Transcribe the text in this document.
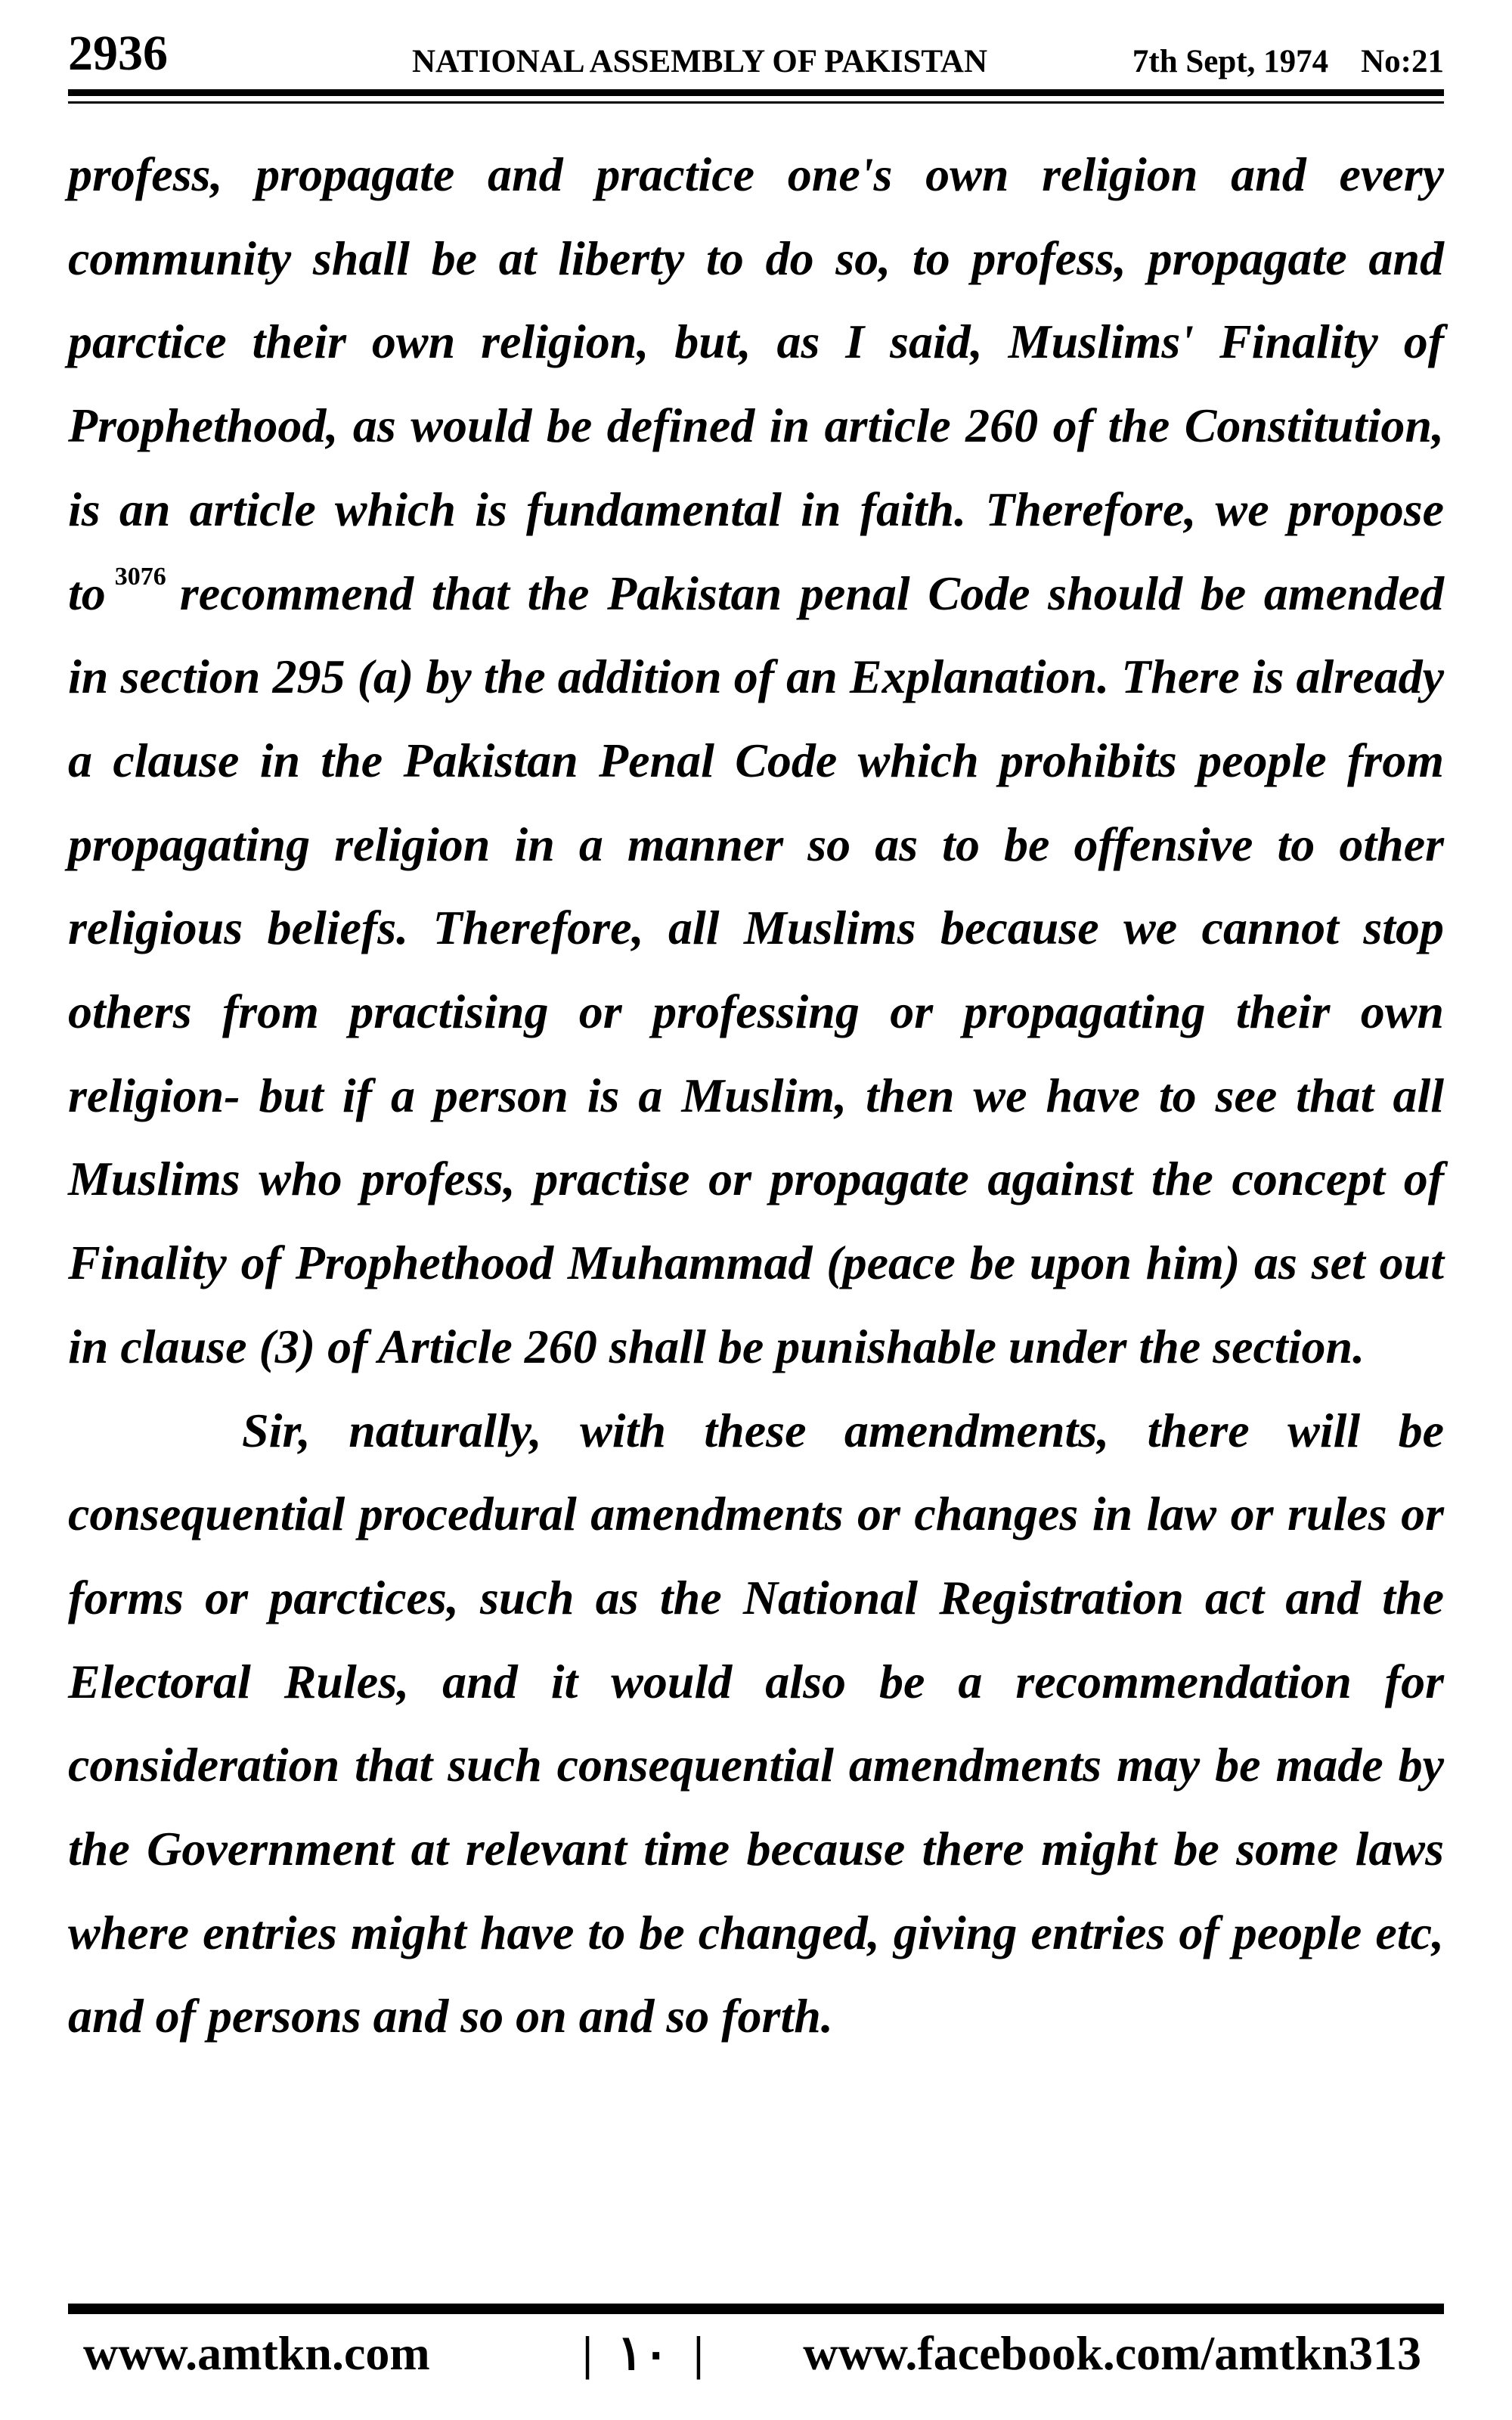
2936	NATIONAL ASSEMBLY OF PAKISTAN	7th Sept, 1974    No:21

profess, propagate and practice one's own religion and every community shall be at liberty to do so, to profess, propagate and parctice their own religion, but, as I said, Muslims' Finality of Prophethood, as would be defined in article 260 of the Constitution, is an article which is fundamental in faith. Therefore, we propose to $^{3076}$ recommend that the Pakistan penal Code should be amended in section 295 (a) by the addition of an Explanation. There is already a clause in the Pakistan Penal Code which prohibits people from propagating religion in a manner so as to be offensive to other religious beliefs. Therefore, all Muslims because we cannot stop others from practising or professing or propagating their own religion- but if a person is a Muslim, then we have to see that all Muslims who profess, practise or propagate against the concept of Finality of Prophethood Muhammad (peace be upon him) as set out in clause (3) of Article 260 shall be punishable under the section.

Sir, naturally, with these amendments, there will be consequential procedural amendments or changes in law or rules or forms or parctices, such as the National Registration act and the Electoral Rules, and it would also be a recommendation for consideration that such consequential amendments may be made by the Government at relevant time because there might be some laws where entries might have to be changed, giving entries of people etc, and of persons and so on and so forth.

www.amtkn.com	|  ١٠  | www.facebook.com/amtkn313
